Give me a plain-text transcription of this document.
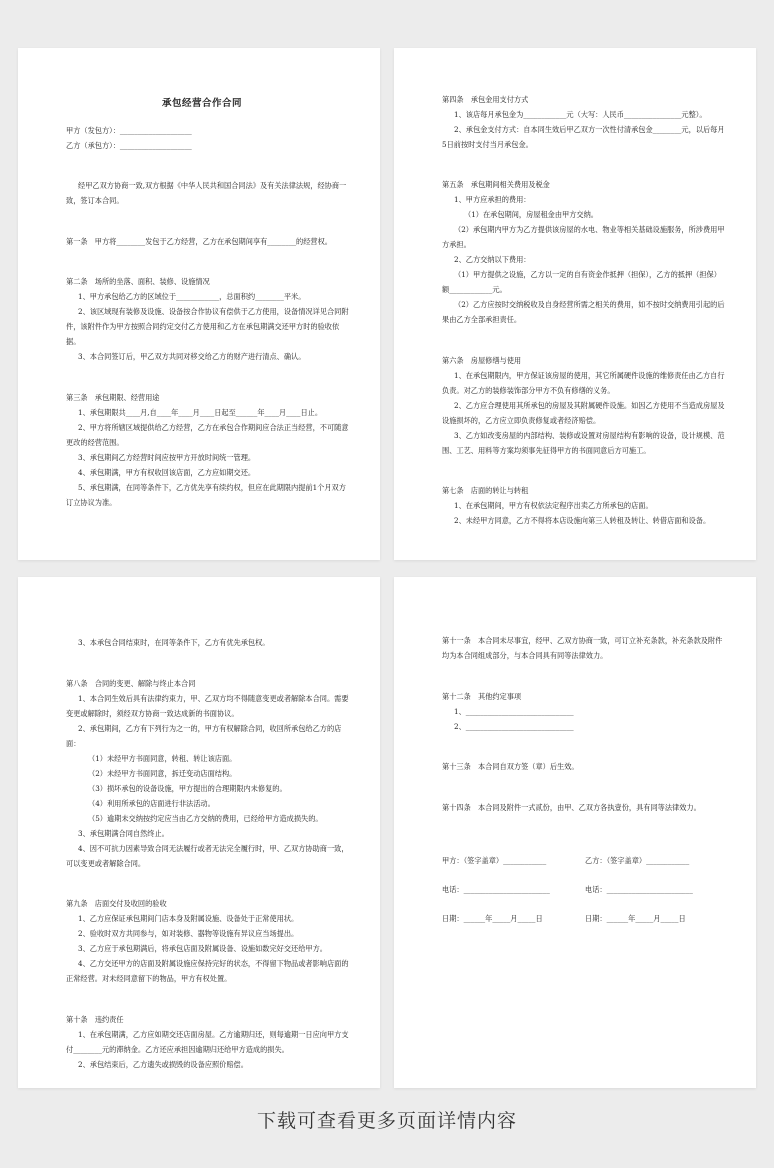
承包经营合作合同

甲方（发包方）：____________________

乙方（承包方）：____________________

经甲乙双方协商一致,双方根据《中华人民共和国合同法》及有关法律法规，经协商一致，签订本合同。

第一条　甲方将________发包于乙方经营，乙方在承包期间享有________的经营权。

第二条　场所的坐落、面积、装修、设施情况

1、甲方承包给乙方的区域位于____________，总面积约________平米。

2、该区域现有装修及设施、设备按合作协议有偿供于乙方使用，设备情况详见合同附件，该附件作为甲方按照合同约定交付乙方使用和乙方在承包期满交还甲方时的验收依据。

3、本合同签订后，甲乙双方共同对移交给乙方的财产进行清点、确认。

第三条　承包期限、经营用途

1、承包期限共____月,自____年____月____日起至______年____月____日止。

2、甲方将所辖区域提供给乙方经营，乙方在承包合作期间应合法正当经营，不可随意更改的经营范围。

3、承包期间乙方经营时间应按甲方开放时间统一管理。

4、承包期满，甲方有权收回该店面，乙方应如期交还。

5、承包期满，在同等条件下，乙方优先享有续约权，但应在此期限内提前1个月双方订立协议为准。

第四条　承包金用支付方式

1、该店每月承包金为____________元（大写：人民币________________元整）。

2、承包金支付方式：自本同生效后甲乙双方一次性付清承包金________元，以后每月5日前按时支付当月承包金。

第五条　承包期间相关费用及税金

1、甲方应承担的费用：

（1）在承包期间，房屋租金由甲方交纳。

（2）承包期内甲方为乙方提供该房屋的水电、物业等相关基础设施服务，所涉费用甲方承担。

2、乙方交纳以下费用：

（1）甲方提供之设施，乙方以一定的自有资金作抵押（担保），乙方的抵押（担保）额____________元。

（2）乙方应按时交纳税收及自身经营所需之相关的费用，如不按时交纳费用引起的后果由乙方全部承担责任。

第六条　房屋修缮与使用

1、在承包期限内，甲方保证该房屋的使用，其它所属硬件设施的维修责任由乙方自行负责。对乙方的装修装饰部分甲方不负有修缮的义务。

2、乙方应合理使用其所承包的房屋及其附属硬件设施。如因乙方使用不当造成房屋及设施损坏的，乙方应立即负责修复或者经济赔偿。

3、乙方如改变房屋的内部结构、装修或设置对房屋结构有影响的设备，设计规模、范围、工艺、用料等方案均须事先征得甲方的书面同意后方可施工。

第七条　店面的转让与转租

1、在承包期间，甲方有权依法定程序出卖乙方所承包的店面。

2、未经甲方同意，乙方不得将本店设施向第三人转租及转让、转借店面和设备。

3、本承包合同结束时，在同等条件下，乙方有优先承包权。

第八条　合同的变更、解除与终止本合同

1、本合同生效后具有法律约束力，甲、乙双方均不得随意变更或者解除本合同。需要变更或解除时，须经双方协商一致达成新的书面协议。

2、承包期间，乙方有下列行为之一的，甲方有权解除合同，收回所承包给乙方的店面：

（1）未经甲方书面同意，转租、转让该店面。

（2）未经甲方书面同意，拆迁变动店面结构。

（3）损坏承包的设备设施，甲方提出的合理期限内未修复的。

（4）利用所承包的店面进行非法活动。

（5）逾期未交纳按约定应当由乙方交纳的费用，已经给甲方造成损失的。

3、承包期满合同自然终止。

4、因不可抗力因素导致合同无法履行或者无法完全履行时，甲、乙双方协助商一致，可以变更或者解除合同。

第九条　店面交付及收回的验收

1、乙方应保证承包期间门店本身及附属设施、设备处于正常使用状。

2、验收时双方共同参与，如对装修、器物等设施有异议应当场提出。

3、乙方应于承包期满后，将承包店面及附属设备、设施如数完好交还给甲方。

4、乙方交还甲方的店面及附属设施应保持完好的状态，不得留下物品或者影响店面的正常经营。对未经同意留下的物品，甲方有权处置。

第十条　违约责任

1、在承包期满，乙方应如期交还店面房屋。乙方逾期归还，则每逾期一日应向甲方支付________元的滞纳金。乙方还应承担因逾期归还给甲方造成的损失。

2、承包结束后，乙方遗失或损毁的设备应照价赔偿。

第十一条　本合同未尽事宜，经甲、乙双方协商一致，可订立补充条款，补充条款及附件均为本合同组成部分，与本合同具有同等法律效力。

第十二条　其他约定事项

1、______________________________

2、______________________________

第十三条　本合同自双方签（章）后生效。

第十四条　本合同及附件一式贰份，由甲、乙双方各执壹份，具有同等法律效力。

甲方：（签字盖章）____________	乙方：（签字盖章）____________
电话：________________________	电话：________________________
日期：______年_____月_____日	日期：______年_____月_____日
下载可查看更多页面详情内容
